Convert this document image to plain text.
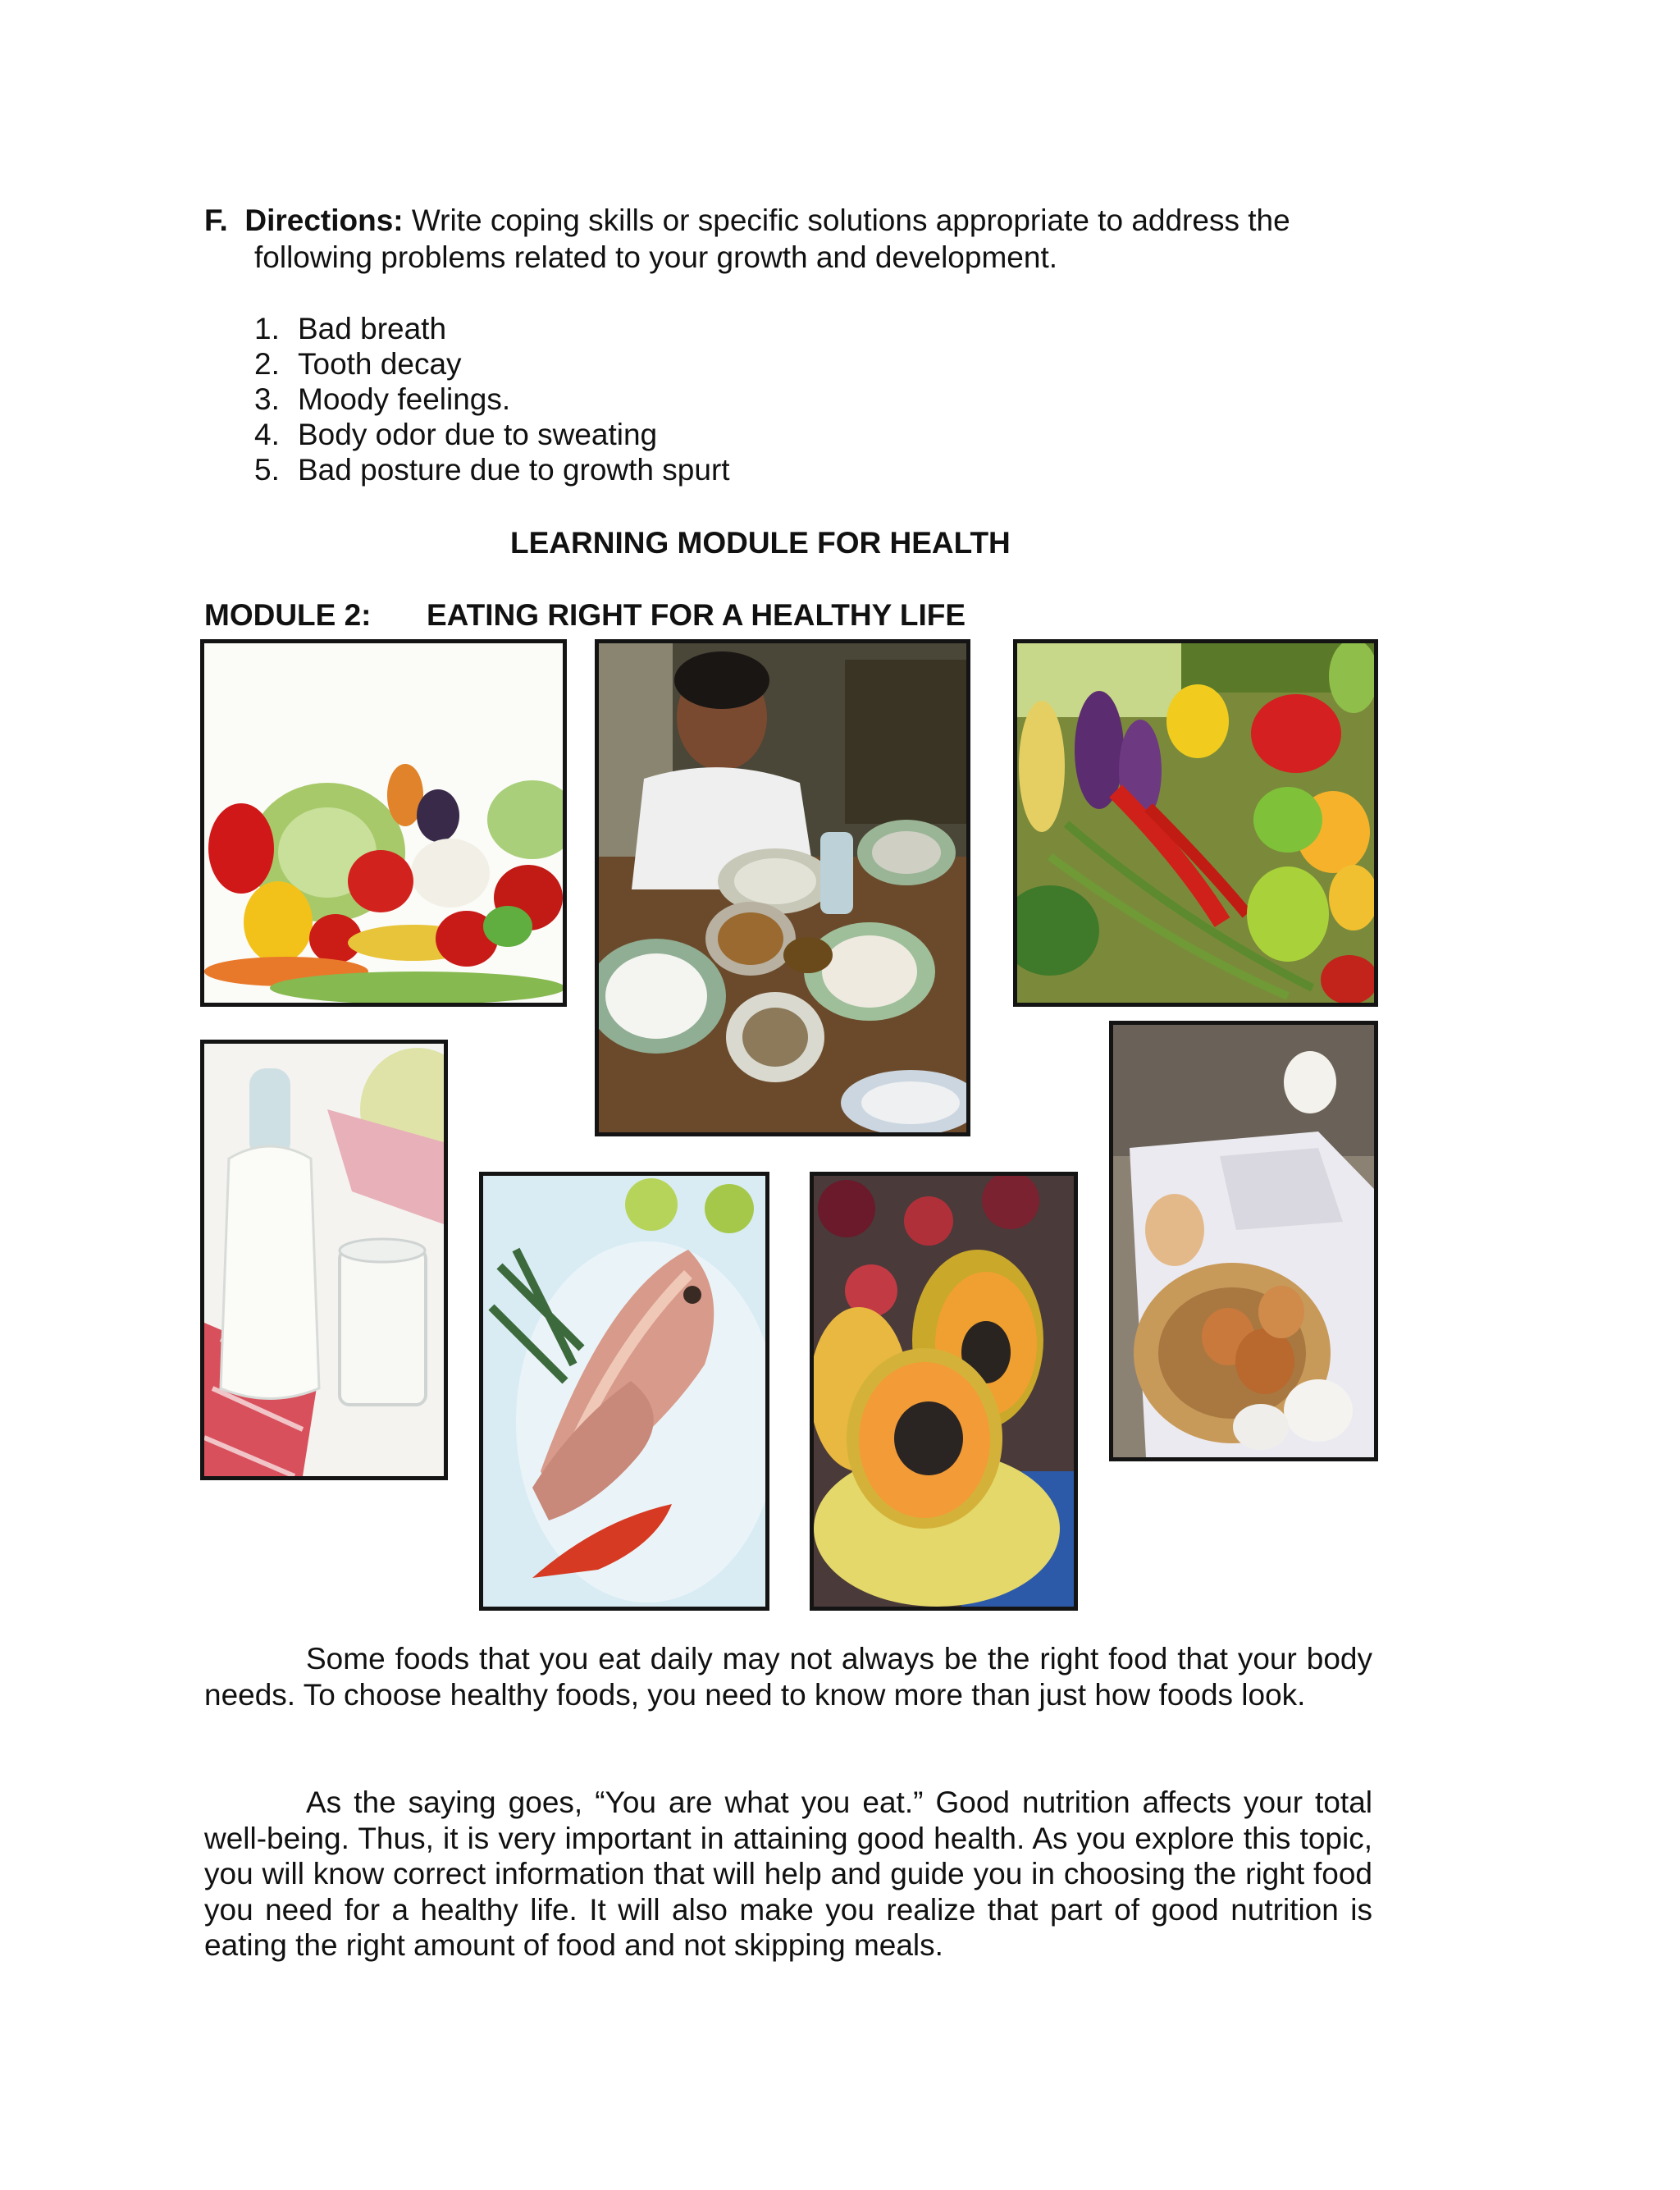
F. Directions: Write coping skills or specific solutions appropriate to address the
following problems related to your growth and development.
1. Bad breath
2. Tooth decay
3. Moody feelings.
4. Body odor due to sweating
5. Bad posture due to growth spurt
LEARNING MODULE FOR HEALTH
MODULE 2: EATING RIGHT FOR A HEALTHY LIFE

Some foods that you eat daily may not always be the right food that your body needs. To choose healthy foods, you need to know more than just how foods look.

As the saying goes, “You are what you eat.” Good nutrition affects your total well-being. Thus, it is very important in attaining good health. As you explore this topic, you will know correct information that will help and guide you in choosing the right food you need for a healthy life. It will also make you realize that part of good nutrition is eating the right amount of food and not skipping meals.
